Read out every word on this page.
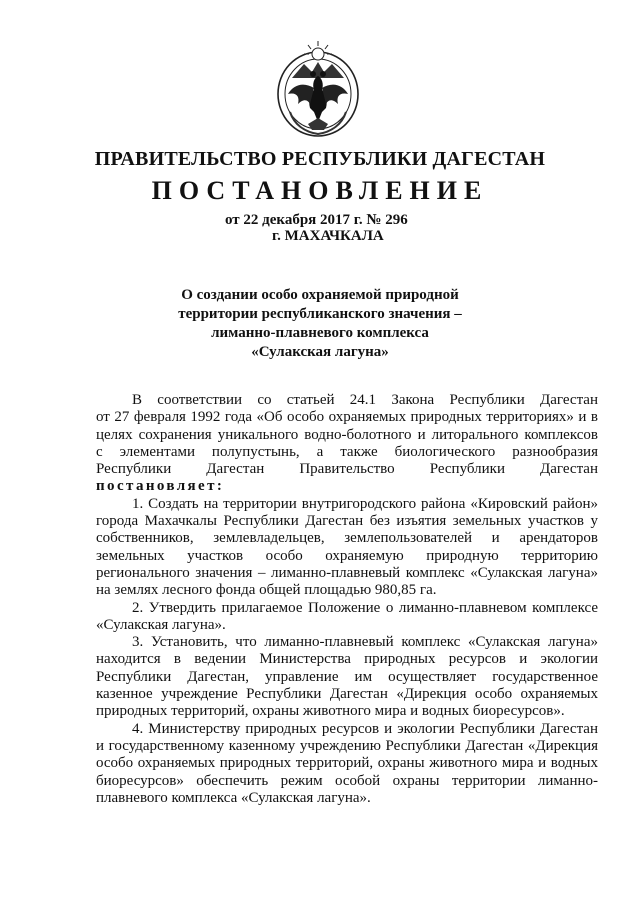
ПРАВИТЕЛЬСТВО РЕСПУБЛИКИ ДАГЕСТАН
ПОСТАНОВЛЕНИЕ
от 22 декабря 2017 г. № 296
г. МАХАЧКАЛА
О создании особо охраняемой природной
территории республиканского значения –
лиманно-плавневого комплекса
«Сулакская лагуна»

В соответствии со статьей 24.1 Закона Республики Дагестан
от 27 февраля 1992 года «Об особо охраняемых природных территориях» и в
целях сохранения уникального водно-болотного и литорального комплексов
с элементами полупустынь, а также биологического разнообразия
Республики Дагестан Правительство Республики Дагестан
постановляет:

1. Создать на территории внутригородского района «Кировский район»
города Махачкалы Республики Дагестан без изъятия земельных участков у
собственников, землевладельцев, землепользователей и арендаторов
земельных участков особо охраняемую природную территорию
регионального значения – лиманно-плавневый комплекс «Сулакская лагуна»
на землях лесного фонда общей площадью 980,85 га.

2. Утвердить прилагаемое Положение о лиманно-плавневом комплексе
«Сулакская лагуна».

3. Установить, что лиманно-плавневый комплекс «Сулакская лагуна»
находится в ведении Министерства природных ресурсов и экологии
Республики Дагестан, управление им осуществляет государственное
казенное учреждение Республики Дагестан «Дирекция особо охраняемых
природных территорий, охраны животного мира и водных биоресурсов».

4. Министерству природных ресурсов и экологии Республики Дагестан
и государственному казенному учреждению Республики Дагестан «Дирекция
особо охраняемых природных территорий, охраны животного мира и водных
биоресурсов» обеспечить режим особой охраны территории лиманно-
плавневого комплекса «Сулакская лагуна».
